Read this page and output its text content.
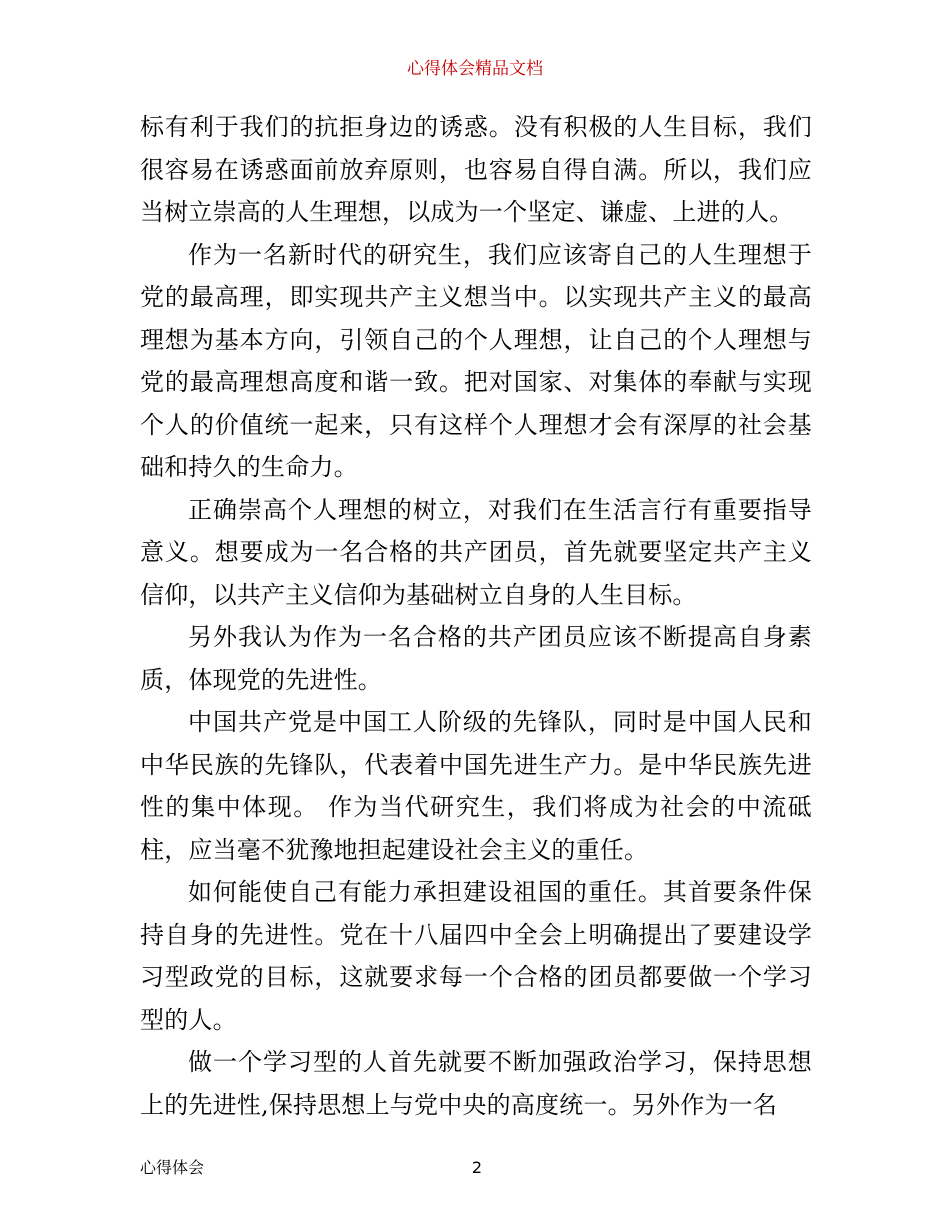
心得体会精品文档

标有利于我们的抗拒身边的诱惑。没有积极的人生目标，我们很容易在诱惑面前放弃原则，也容易自得自满。所以，我们应当树立崇高的人生理想，以成为一个坚定、谦虚、上进的人。

作为一名新时代的研究生，我们应该寄自己的人生理想于党的最高理，即实现共产主义想当中。以实现共产主义的最高理想为基本方向，引领自己的个人理想，让自己的个人理想与党的最高理想高度和谐一致。把对国家、对集体的奉献与实现个人的价值统一起来，只有这样个人理想才会有深厚的社会基础和持久的生命力。

正确崇高个人理想的树立，对我们在生活言行有重要指导意义。想要成为一名合格的共产团员，首先就要坚定共产主义信仰，以共产主义信仰为基础树立自身的人生目标。

另外我认为作为一名合格的共产团员应该不断提高自身素质，体现党的先进性。

中国共产党是中国工人阶级的先锋队，同时是中国人民和中华民族的先锋队，代表着中国先进生产力。是中华民族先进性的集中体现。 作为当代研究生，我们将成为社会的中流砥柱，应当毫不犹豫地担起建设社会主义的重任。

如何能使自己有能力承担建设祖国的重任。其首要条件保持自身的先进性。党在十八届四中全会上明确提出了要建设学习型政党的目标，这就要求每一个合格的团员都要做一个学习型的人。

做一个学习型的人首先就要不断加强政治学习，保持思想上的先进性,保持思想上与党中央的高度统一。另外作为一名

心得体会	2
